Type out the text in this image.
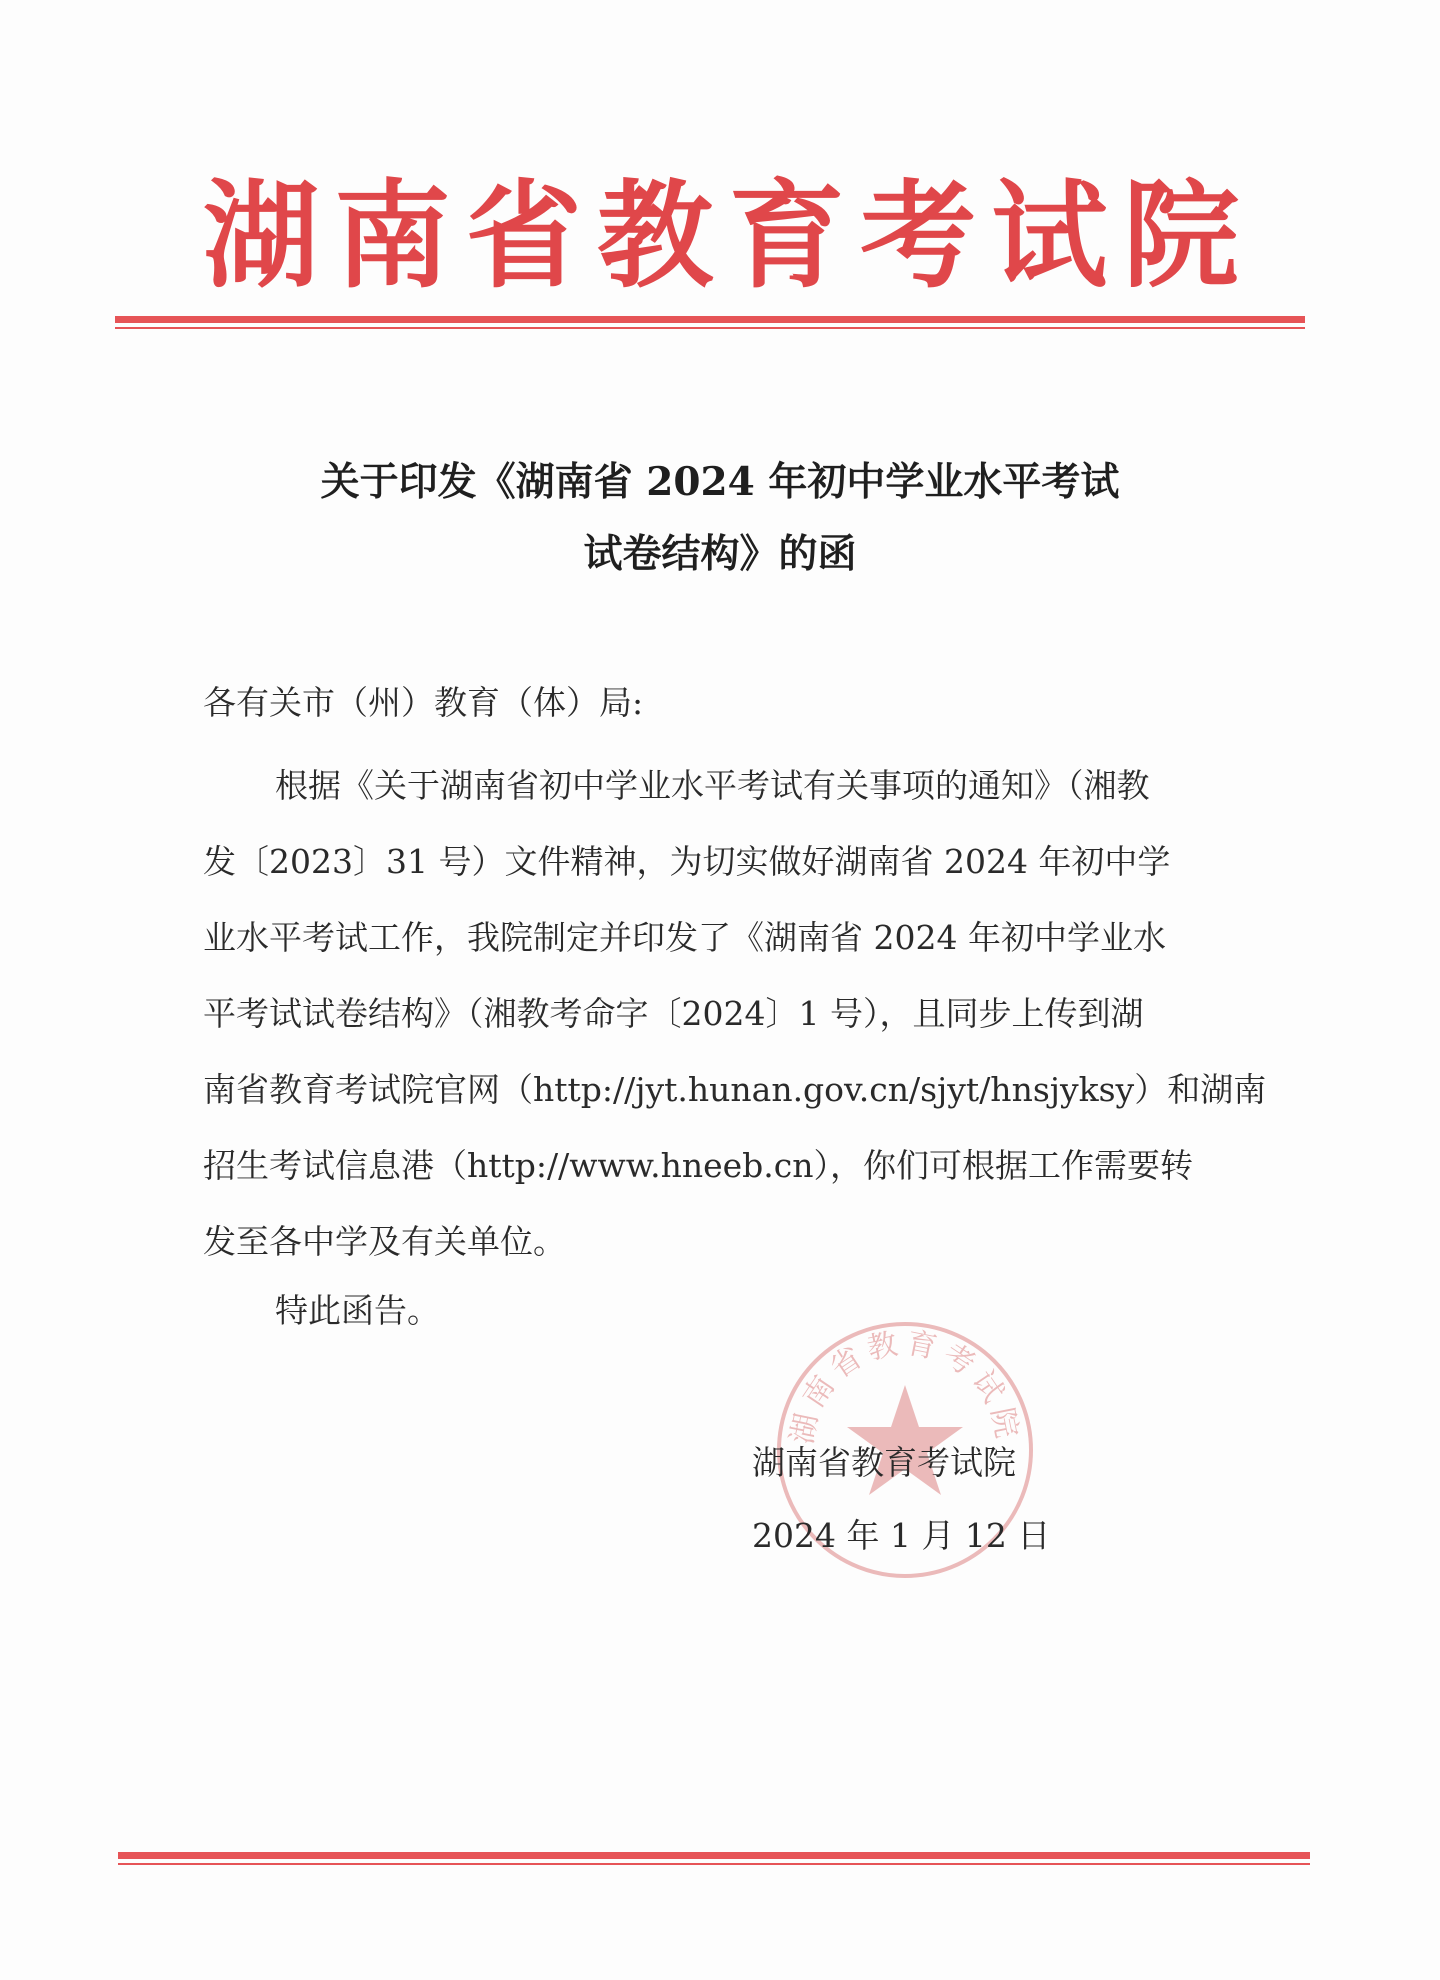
湖 南 省 教 育 考 试 院
关于印发《湖南省 2024 年初中学业水平考试
试卷结构》的函

各有关市（州）教育（体）局:

根据《关于湖南省初中学业水平考试有关事项的通知》（湘教
发〔2023〕31 号）文件精神，为切实做好湖南省 2024 年初中学
业水平考试工作，我院制定并印发了《湖南省 2024 年初中学业水
平考试试卷结构》（湘教考命字〔2024〕1 号），且同步上传到湖
南省教育考试院官网（http://jyt.hunan.gov.cn/sjyt/hnsjyksy）和湖南
招生考试信息港（http://www.hneeb.cn），你们可根据工作需要转
发至各中学及有关单位。

特此函告。

湖南省教育考试院

湖南省教育考试院

2024 年 1 月 12 日
